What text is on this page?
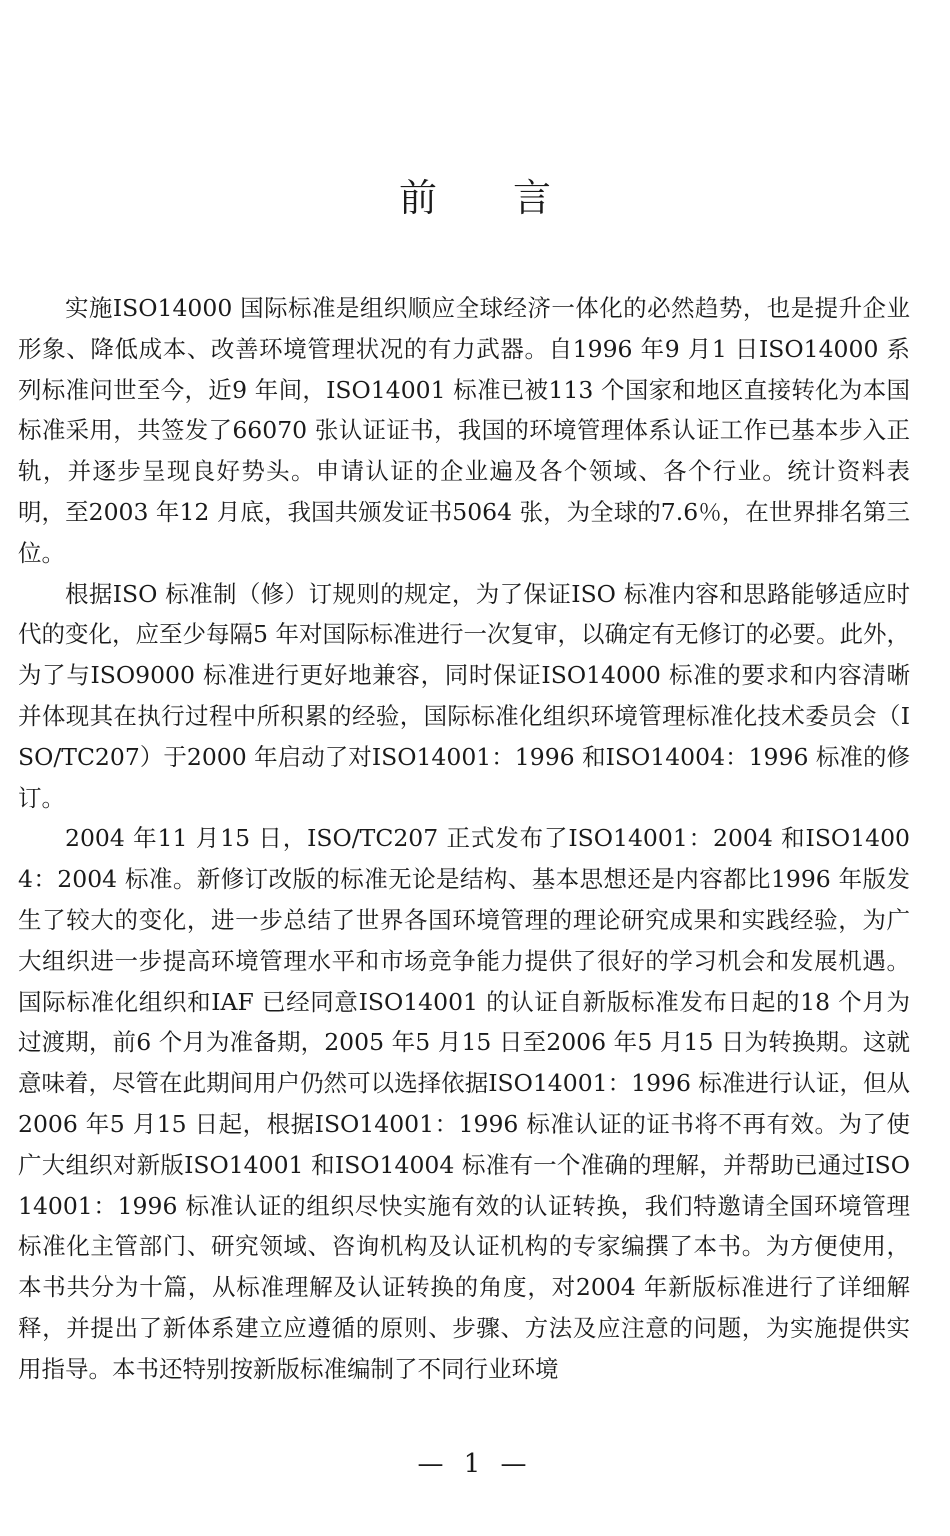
前言

实施ISO14000 国际标准是组织顺应全球经济一体化的必然趋势，也是提升企业形象、降低成本、改善环境管理状况的有力武器。自1996 年9 月1 日ISO14000 系列标准问世至今，近9 年间，ISO14001 标准已被113 个国家和地区直接转化为本国标准采用，共签发了66070 张认证证书，我国的环境管理体系认证工作已基本步入正轨，并逐步呈现良好势头。申请认证的企业遍及各个领域、各个行业。统计资料表明，至2003 年12 月底，我国共颁发证书5064 张，为全球的7.6％，在世界排名第三位。

根据ISO 标准制（修）订规则的规定，为了保证ISO 标准内容和思路能够适应时代的变化，应至少每隔5 年对国际标准进行一次复审，以确定有无修订的必要。此外，为了与ISO9000 标准进行更好地兼容，同时保证ISO14000 标准的要求和内容清晰并体现其在执行过程中所积累的经验，国际标准化组织环境管理标准化技术委员会（ISO/TC207）于2000 年启动了对ISO14001：1996 和ISO14004：1996 标准的修订。

2004 年11 月15 日，ISO/TC207 正式发布了ISO14001：2004 和ISO14004：2004 标准。新修订改版的标准无论是结构、基本思想还是内容都比1996 年版发生了较大的变化，进一步总结了世界各国环境管理的理论研究成果和实践经验，为广大组织进一步提高环境管理水平和市场竞争能力提供了很好的学习机会和发展机遇。国际标准化组织和IAF 已经同意ISO14001 的认证自新版标准发布日起的18 个月为过渡期，前6 个月为准备期，2005 年5 月15 日至2006 年5 月15 日为转换期。这就意味着，尽管在此期间用户仍然可以选择依据ISO14001：1996 标准进行认证，但从2006 年5 月15 日起，根据ISO14001：1996 标准认证的证书将不再有效。为了使广大组织对新版ISO14001 和ISO14004 标准有一个准确的理解，并帮助已通过ISO14001：1996 标准认证的组织尽快实施有效的认证转换，我们特邀请全国环境管理标准化主管部门、研究领域、咨询机构及认证机构的专家编撰了本书。为方便使用，本书共分为十篇，从标准理解及认证转换的角度，对2004 年新版标准进行了详细解释，并提出了新体系建立应遵循的原则、步骤、方法及应注意的问题，为实施提供实用指导。本书还特别按新版标准编制了不同行业环境

— 1 —
